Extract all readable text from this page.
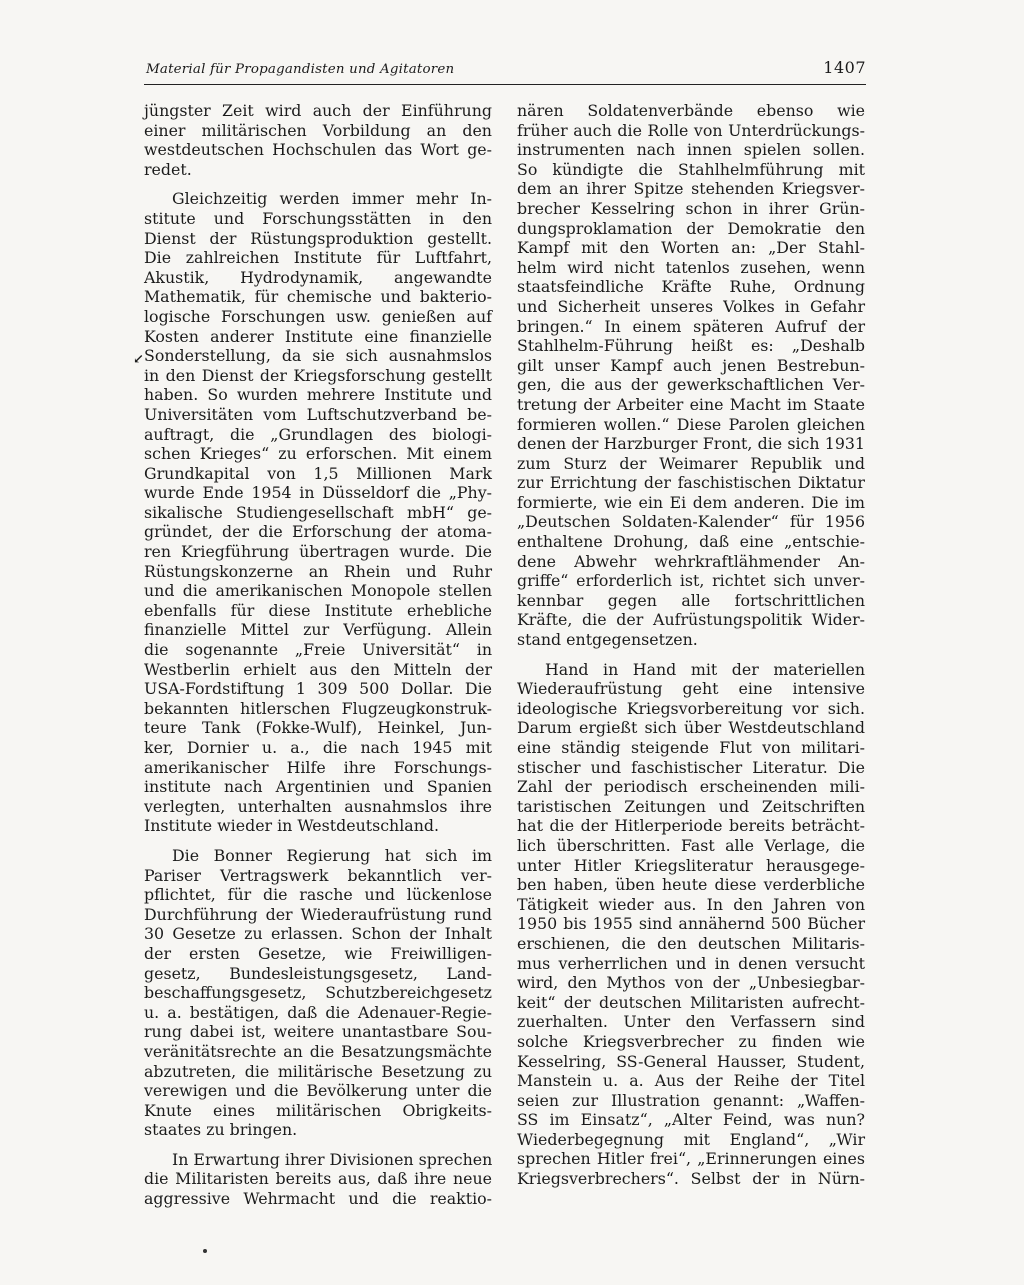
Material für Propagandisten und Agitatoren	1407
↙
jüngster Zeit wird auch der Einführung
einer militärischen Vorbildung an den
westdeutschen Hochschulen das Wort ge-
redet.
Gleichzeitig werden immer mehr In-
stitute und Forschungsstätten in den
Dienst der Rüstungsproduktion gestellt.
Die zahlreichen Institute für Luftfahrt,
Akustik, Hydrodynamik, angewandte
Mathematik, für chemische und bakterio-
logische Forschungen usw. genießen auf
Kosten anderer Institute eine finanzielle
Sonderstellung, da sie sich ausnahmslos
in den Dienst der Kriegsforschung gestellt
haben. So wurden mehrere Institute und
Universitäten vom Luftschutzverband be-
auftragt, die „Grundlagen des biologi-
schen Krieges“ zu erforschen. Mit einem
Grundkapital von 1,5 Millionen Mark
wurde Ende 1954 in Düsseldorf die „Phy-
sikalische Studiengesellschaft mbH“ ge-
gründet, der die Erforschung der atoma-
ren Kriegführung übertragen wurde. Die
Rüstungskonzerne an Rhein und Ruhr
und die amerikanischen Monopole stellen
ebenfalls für diese Institute erhebliche
finanzielle Mittel zur Verfügung. Allein
die sogenannte „Freie Universität“ in
Westberlin erhielt aus den Mitteln der
USA-Fordstiftung 1 309 500 Dollar. Die
bekannten hitlerschen Flugzeugkonstruk-
teure Tank (Fokke-Wulf), Heinkel, Jun-
ker, Dornier u. a., die nach 1945 mit
amerikanischer Hilfe ihre Forschungs-
institute nach Argentinien und Spanien
verlegten, unterhalten ausnahmslos ihre
Institute wieder in Westdeutschland.
Die Bonner Regierung hat sich im
Pariser Vertragswerk bekanntlich ver-
pflichtet, für die rasche und lückenlose
Durchführung der Wiederaufrüstung rund
30 Gesetze zu erlassen. Schon der Inhalt
der ersten Gesetze, wie Freiwilligen-
gesetz, Bundesleistungsgesetz, Land-
beschaffungsgesetz, Schutzbereichgesetz
u. a. bestätigen, daß die Adenauer-Regie-
rung dabei ist, weitere unantastbare Sou-
veränitätsrechte an die Besatzungsmächte
abzutreten, die militärische Besetzung zu
verewigen und die Bevölkerung unter die
Knute eines militärischen Obrigkeits-
staates zu bringen.
In Erwartung ihrer Divisionen sprechen
die Militaristen bereits aus, daß ihre neue
aggressive Wehrmacht und die reaktio-
nären Soldatenverbände ebenso wie
früher auch die Rolle von Unterdrückungs-
instrumenten nach innen spielen sollen.
So kündigte die Stahlhelmführung mit
dem an ihrer Spitze stehenden Kriegsver-
brecher Kesselring schon in ihrer Grün-
dungsproklamation der Demokratie den
Kampf mit den Worten an: „Der Stahl-
helm wird nicht tatenlos zusehen, wenn
staatsfeindliche Kräfte Ruhe, Ordnung
und Sicherheit unseres Volkes in Gefahr
bringen.“ In einem späteren Aufruf der
Stahlhelm-Führung heißt es: „Deshalb
gilt unser Kampf auch jenen Bestrebun-
gen, die aus der gewerkschaftlichen Ver-
tretung der Arbeiter eine Macht im Staate
formieren wollen.“ Diese Parolen gleichen
denen der Harzburger Front, die sich 1931
zum Sturz der Weimarer Republik und
zur Errichtung der faschistischen Diktatur
formierte, wie ein Ei dem anderen. Die im
„Deutschen Soldaten-Kalender“ für 1956
enthaltene Drohung, daß eine „entschie-
dene Abwehr wehrkraftlähmender An-
griffe“ erforderlich ist, richtet sich unver-
kennbar gegen alle fortschrittlichen
Kräfte, die der Aufrüstungspolitik Wider-
stand entgegensetzen.
Hand in Hand mit der materiellen
Wiederaufrüstung geht eine intensive
ideologische Kriegsvorbereitung vor sich.
Darum ergießt sich über Westdeutschland
eine ständig steigende Flut von militari-
stischer und faschistischer Literatur. Die
Zahl der periodisch erscheinenden mili-
taristischen Zeitungen und Zeitschriften
hat die der Hitlerperiode bereits beträcht-
lich überschritten. Fast alle Verlage, die
unter Hitler Kriegsliteratur herausgege-
ben haben, üben heute diese verderbliche
Tätigkeit wieder aus. In den Jahren von
1950 bis 1955 sind annähernd 500 Bücher
erschienen, die den deutschen Militaris-
mus verherrlichen und in denen versucht
wird, den Mythos von der „Unbesiegbar-
keit“ der deutschen Militaristen aufrecht-
zuerhalten. Unter den Verfassern sind
solche Kriegsverbrecher zu finden wie
Kesselring, SS-General Hausser, Student,
Manstein u. a. Aus der Reihe der Titel
seien zur Illustration genannt: „Waffen-
SS im Einsatz“, „Alter Feind, was nun?
Wiederbegegnung mit England“, „Wir
sprechen Hitler frei“, „Erinnerungen eines
Kriegsverbrechers“. Selbst der in Nürn-
